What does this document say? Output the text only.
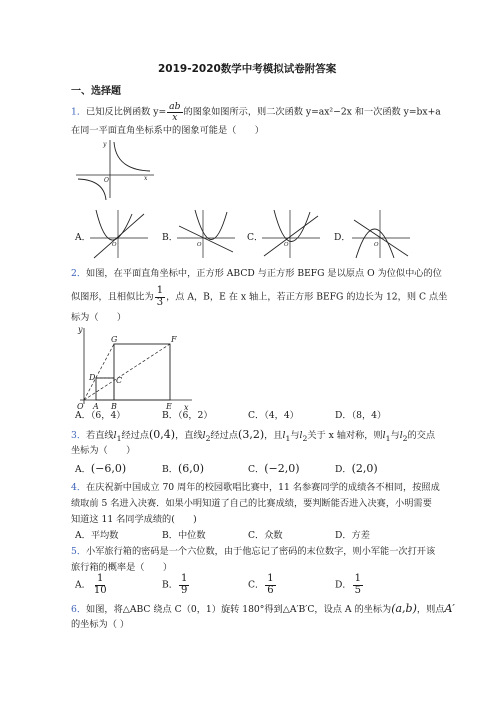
2019-2020数学中考模拟试卷附答案
一、选择题
1．已知反比例函数 $y= \frac{ab}{x}$ 的图象如图所示，则二次函数 y=ax²−2x 和一次函数 y=bx+a
在同一平面直角坐标系中的图象可能是（　　）
y
O	x
A．
O
B．
O
C．
O
D．
O
2．如图，在平面直角坐标中，正方形 ABCD 与正方形 BEFG 是以原点 O 为位似中心的位
似图形，且相似比为 $\frac{1}{3}$ ，点 A，B，E 在 x 轴上，若正方形 BEFG 的边长为 12，则 C 点坐
标为（　　）
y
x
O A B	E
C
D
G	F
A．（6，4）	B．（6，2）	C．（4，4）	D．（8，4）
3．若直线$l_1$经过点(0,4)，直线$l_2$经过点(3,2)，且$l_1$与$l_2$关于 x 轴对称，则$l_1$与$l_2$的交点
坐标为（　　）
A．(−6,0)	B．(6,0)	C．(−2,0)	D．(2,0)
4．在庆祝新中国成立 70 周年的校园歌唱比赛中，11 名参赛同学的成绩各不相同，按照成
绩取前 5 名进入决赛．如果小明知道了自己的比赛成绩，要判断能否进入决赛，小明需要
知道这 11 名同学成绩的(　　)
A．平均数	B．中位数	C．众数	D．方差
5．小军旅行箱的密码是一个六位数，由于他忘记了密码的末位数字，则小军能一次打开该
旅行箱的概率是（　　）
A． $\frac{1}{10}$	B． $\frac{1}{9}$	C． $\frac{1}{6}$	D． $\frac{1}{5}$
6．如图，将△ABC 绕点 C（0，1）旋转 180°得到△A′B′C，设点 A 的坐标为(a,b)，则点A′
的坐标为（ ）
